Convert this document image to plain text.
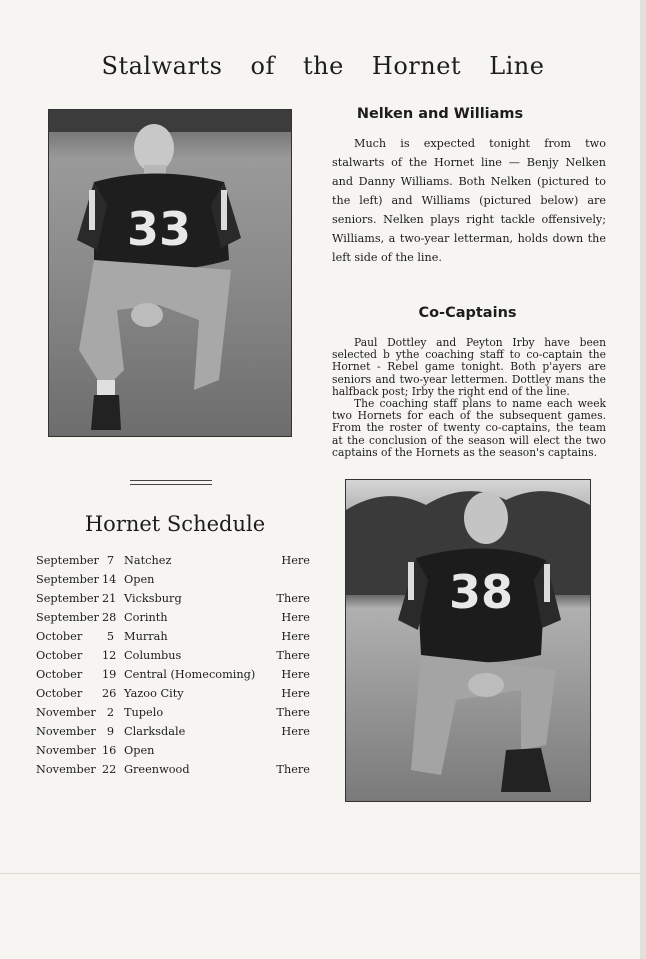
Stalwarts of the Hornet Line
33
Nelken and Williams
Much is expected tonight from two stalwarts of the Hornet line — Benjy Nelken and Danny Williams. Both Nelken (pictured to the left) and Williams (pictured below) are seniors. Nelken plays right tackle offensively; Williams, a two-year letterman, holds down the left side of the line.
Co-Captains
Paul Dottley and Peyton Irby have been selected b ythe coaching staff to co-captain the Hornet - Rebel game tonight. Both p'ayers are seniors and two-year lettermen. Dottley mans the halfback post; Irby the right end of the line.
The coaching staff plans to name each week two Hornets for each of the subsequent games. From the roster of twenty co-captains, the team at the conclusion of the season will elect the two captains of the Hornets as the season's captains.
Hornet Schedule
September 7 Natchez	Here
September 14 Open
September 21 Vicksburg	There
September 28 Corinth	Here
October	5 Murrah	Here
October 12 Columbus	There
October 19 Central (Homecoming) Here
October 26 Yazoo City	Here
November 2 Tupelo	There
November 9 Clarksdale	Here
November 16 Open
November 22 Greenwood	There
38
